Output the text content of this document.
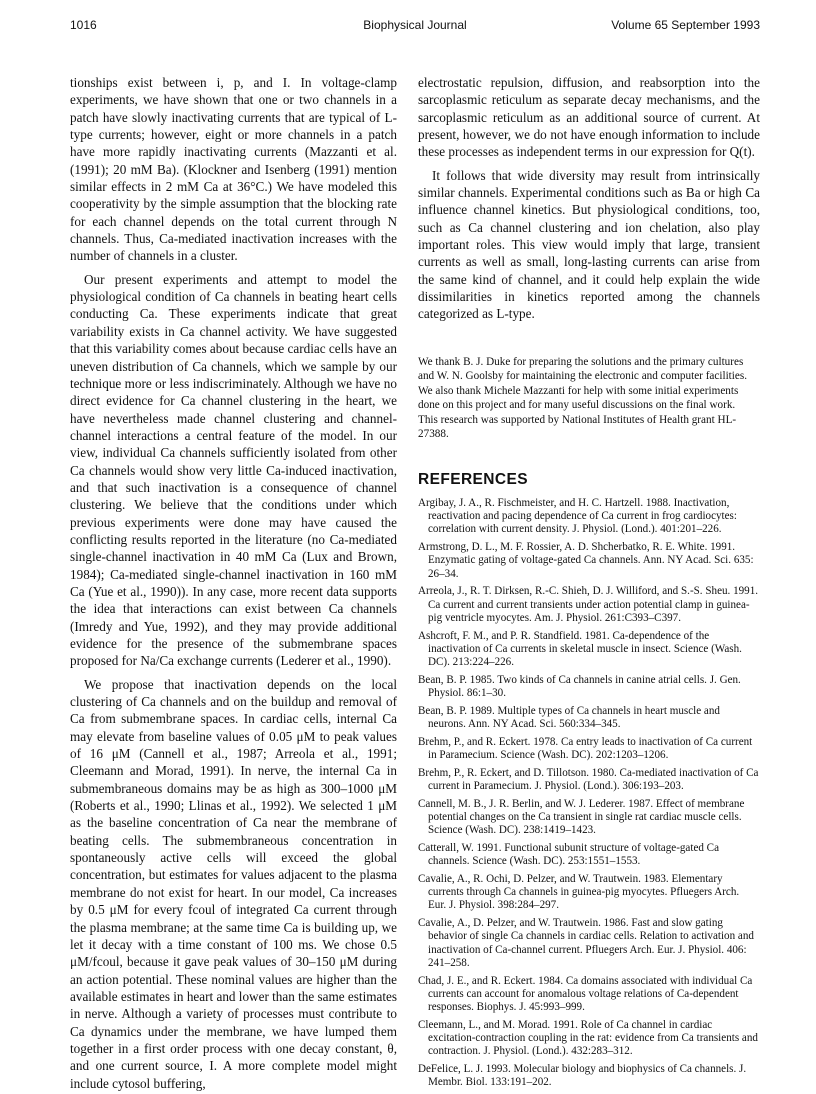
1016	Biophysical Journal	Volume 65 September 1993

tionships exist between i, p, and I. In voltage-clamp experiments, we have shown that one or two channels in a patch have slowly inactivating currents that are typical of L-type currents; however, eight or more channels in a patch have more rapidly inactivating currents (Mazzanti et al. (1991); 20 mM Ba). (Klockner and Isenberg (1991) mention similar effects in 2 mM Ca at 36°C.) We have modeled this cooperativity by the simple assumption that the blocking rate for each channel depends on the total current through N channels. Thus, Ca-mediated inactivation increases with the number of channels in a cluster.

Our present experiments and attempt to model the physiological condition of Ca channels in beating heart cells conducting Ca. These experiments indicate that great variability exists in Ca channel activity. We have suggested that this variability comes about because cardiac cells have an uneven distribution of Ca channels, which we sample by our technique more or less indiscriminately. Although we have no direct evidence for Ca channel clustering in the heart, we have nevertheless made channel clustering and channel-channel interactions a central feature of the model. In our view, individual Ca channels sufficiently isolated from other Ca channels would show very little Ca-induced inactivation, and that such inactivation is a consequence of channel clustering. We believe that the conditions under which previous experiments were done may have caused the conflicting results reported in the literature (no Ca-mediated single-channel inactivation in 40 mM Ca (Lux and Brown, 1984); Ca-mediated single-channel inactivation in 160 mM Ca (Yue et al., 1990)). In any case, more recent data supports the idea that interactions can exist between Ca channels (Imredy and Yue, 1992), and they may provide additional evidence for the presence of the submembrane spaces proposed for Na/Ca exchange currents (Lederer et al., 1990).

We propose that inactivation depends on the local clustering of Ca channels and on the buildup and removal of Ca from submembrane spaces. In cardiac cells, internal Ca may elevate from baseline values of 0.05 μM to peak values of 16 μM (Cannell et al., 1987; Arreola et al., 1991; Cleemann and Morad, 1991). In nerve, the internal Ca in submembraneous domains may be as high as 300–1000 μM (Roberts et al., 1990; Llinas et al., 1992). We selected 1 μM as the baseline concentration of Ca near the membrane of beating cells. The submembraneous concentration in spontaneously active cells will exceed the global concentration, but estimates for values adjacent to the plasma membrane do not exist for heart. In our model, Ca increases by 0.5 μM for every fcoul of integrated Ca current through the plasma membrane; at the same time Ca is building up, we let it decay with a time constant of 100 ms. We chose 0.5 μM/fcoul, because it gave peak values of 30–150 μM during an action potential. These nominal values are higher than the available estimates in heart and lower than the same estimates in nerve. Although a variety of processes must contribute to Ca dynamics under the membrane, we have lumped them together in a first order process with one decay constant, θ, and one current source, I. A more complete model might include cytosol buffering,

electrostatic repulsion, diffusion, and reabsorption into the sarcoplasmic reticulum as separate decay mechanisms, and the sarcoplasmic reticulum as an additional source of current. At present, however, we do not have enough information to include these processes as independent terms in our expression for Q(t).

It follows that wide diversity may result from intrinsically similar channels. Experimental conditions such as Ba or high Ca influence channel kinetics. But physiological conditions, too, such as Ca channel clustering and ion chelation, also play important roles. This view would imply that large, transient currents as well as small, long-lasting currents can arise from the same kind of channel, and it could help explain the wide dissimilarities in kinetics reported among the channels categorized as L-type.

We thank B. J. Duke for preparing the solutions and the primary cultures and W. N. Goolsby for maintaining the electronic and computer facilities. We also thank Michele Mazzanti for help with some initial experiments done on this project and for many useful discussions on the final work.

This research was supported by National Institutes of Health grant HL-27388.

REFERENCES

Argibay, J. A., R. Fischmeister, and H. C. Hartzell. 1988. Inactivation, reactivation and pacing dependence of Ca current in frog cardiocytes: correlation with current density. J. Physiol. (Lond.). 401:201–226.

Armstrong, D. L., M. F. Rossier, A. D. Shcherbatko, R. E. White. 1991. Enzymatic gating of voltage-gated Ca channels. Ann. NY Acad. Sci. 635: 26–34.

Arreola, J., R. T. Dirksen, R.-C. Shieh, D. J. Williford, and S.-S. Sheu. 1991. Ca current and current transients under action potential clamp in guinea-pig ventricle myocytes. Am. J. Physiol. 261:C393–C397.

Ashcroft, F. M., and P. R. Standfield. 1981. Ca-dependence of the inactivation of Ca currents in skeletal muscle in insect. Science (Wash. DC). 213:224–226.

Bean, B. P. 1985. Two kinds of Ca channels in canine atrial cells. J. Gen. Physiol. 86:1–30.

Bean, B. P. 1989. Multiple types of Ca channels in heart muscle and neurons. Ann. NY Acad. Sci. 560:334–345.

Brehm, P., and R. Eckert. 1978. Ca entry leads to inactivation of Ca current in Paramecium. Science (Wash. DC). 202:1203–1206.

Brehm, P., R. Eckert, and D. Tillotson. 1980. Ca-mediated inactivation of Ca current in Paramecium. J. Physiol. (Lond.). 306:193–203.

Cannell, M. B., J. R. Berlin, and W. J. Lederer. 1987. Effect of membrane potential changes on the Ca transient in single rat cardiac muscle cells. Science (Wash. DC). 238:1419–1423.

Catterall, W. 1991. Functional subunit structure of voltage-gated Ca channels. Science (Wash. DC). 253:1551–1553.

Cavalie, A., R. Ochi, D. Pelzer, and W. Trautwein. 1983. Elementary currents through Ca channels in guinea-pig myocytes. Pfluegers Arch. Eur. J. Physiol. 398:284–297.

Cavalie, A., D. Pelzer, and W. Trautwein. 1986. Fast and slow gating behavior of single Ca channels in cardiac cells. Relation to activation and inactivation of Ca-channel current. Pfluegers Arch. Eur. J. Physiol. 406: 241–258.

Chad, J. E., and R. Eckert. 1984. Ca domains associated with individual Ca currents can account for anomalous voltage relations of Ca-dependent responses. Biophys. J. 45:993–999.

Cleemann, L., and M. Morad. 1991. Role of Ca channel in cardiac excitation-contraction coupling in the rat: evidence from Ca transients and contraction. J. Physiol. (Lond.). 432:283–312.

DeFelice, L. J. 1993. Molecular biology and biophysics of Ca channels. J. Membr. Biol. 133:191–202.
